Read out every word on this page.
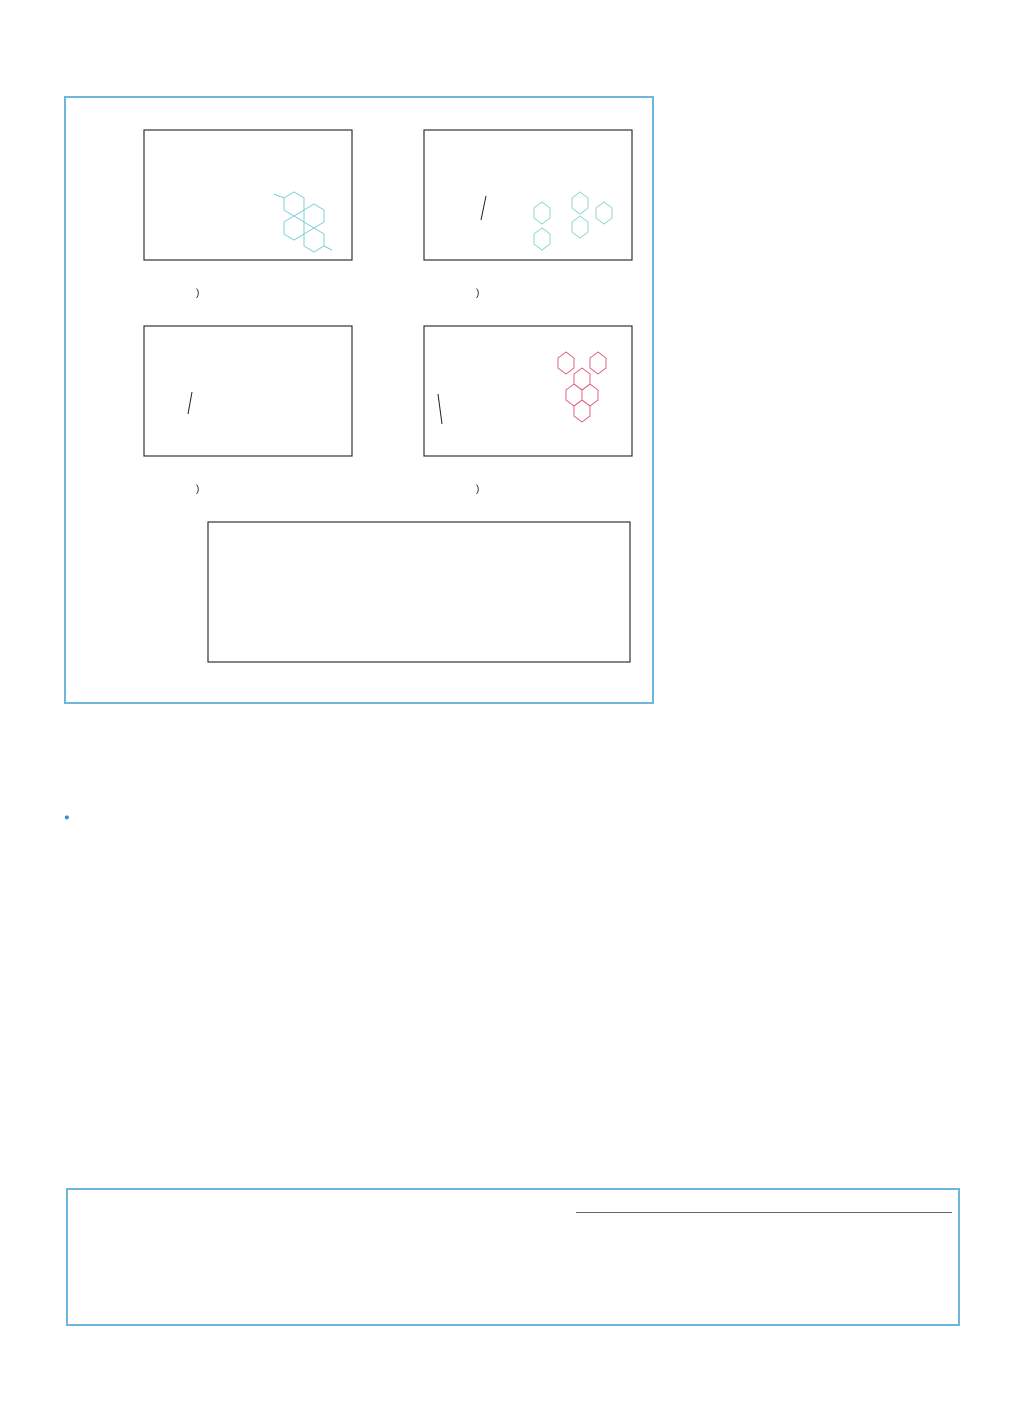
)	)
)	)
